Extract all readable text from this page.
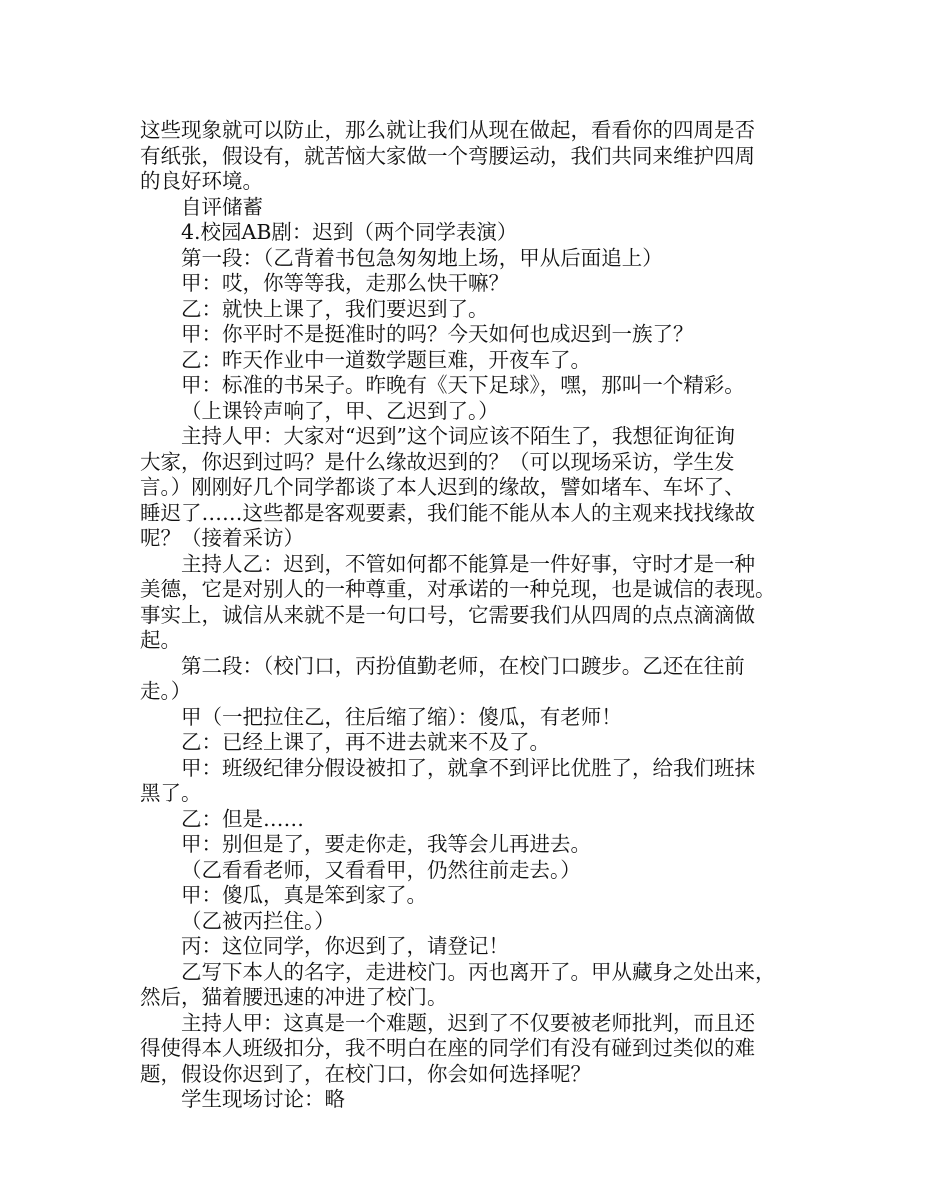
这些现象就可以防止，那么就让我们从现在做起，看看你的四周是否
有纸张，假设有，就苦恼大家做一个弯腰运动，我们共同来维护四周
的良好环境。
自评储蓄
4.校园AB剧：迟到（两个同学表演）
第一段：（乙背着书包急匆匆地上场，甲从后面追上）
甲：哎，你等等我，走那么快干嘛？
乙：就快上课了，我们要迟到了。
甲：你平时不是挺准时的吗？今天如何也成迟到一族了？
乙：昨天作业中一道数学题巨难，开夜车了。
甲：标准的书呆子。昨晚有《天下足球》，嘿，那叫一个精彩。
（上课铃声响了，甲、乙迟到了。）
主持人甲：大家对“迟到”这个词应该不陌生了，我想征询征询
大家，你迟到过吗？是什么缘故迟到的？（可以现场采访，学生发
言。）刚刚好几个同学都谈了本人迟到的缘故，譬如堵车、车坏了、
睡迟了……这些都是客观要素，我们能不能从本人的主观来找找缘故
呢？（接着采访）
主持人乙：迟到，不管如何都不能算是一件好事，守时才是一种
美德，它是对别人的一种尊重，对承诺的一种兑现，也是诚信的表现。
事实上，诚信从来就不是一句口号，它需要我们从四周的点点滴滴做
起。
第二段：（校门口，丙扮值勤老师，在校门口踱步。乙还在往前
走。）
甲（一把拉住乙，往后缩了缩）：傻瓜，有老师！
乙：已经上课了，再不进去就来不及了。
甲：班级纪律分假设被扣了，就拿不到评比优胜了，给我们班抹
黑了。
乙：但是……
甲：别但是了，要走你走，我等会儿再进去。
（乙看看老师，又看看甲，仍然往前走去。）
甲：傻瓜，真是笨到家了。
（乙被丙拦住。）
丙：这位同学，你迟到了，请登记！
乙写下本人的名字，走进校门。丙也离开了。甲从藏身之处出来，
然后，猫着腰迅速的冲进了校门。
主持人甲：这真是一个难题，迟到了不仅要被老师批判，而且还
得使得本人班级扣分，我不明白在座的同学们有没有碰到过类似的难
题，假设你迟到了，在校门口，你会如何选择呢？
学生现场讨论：略
